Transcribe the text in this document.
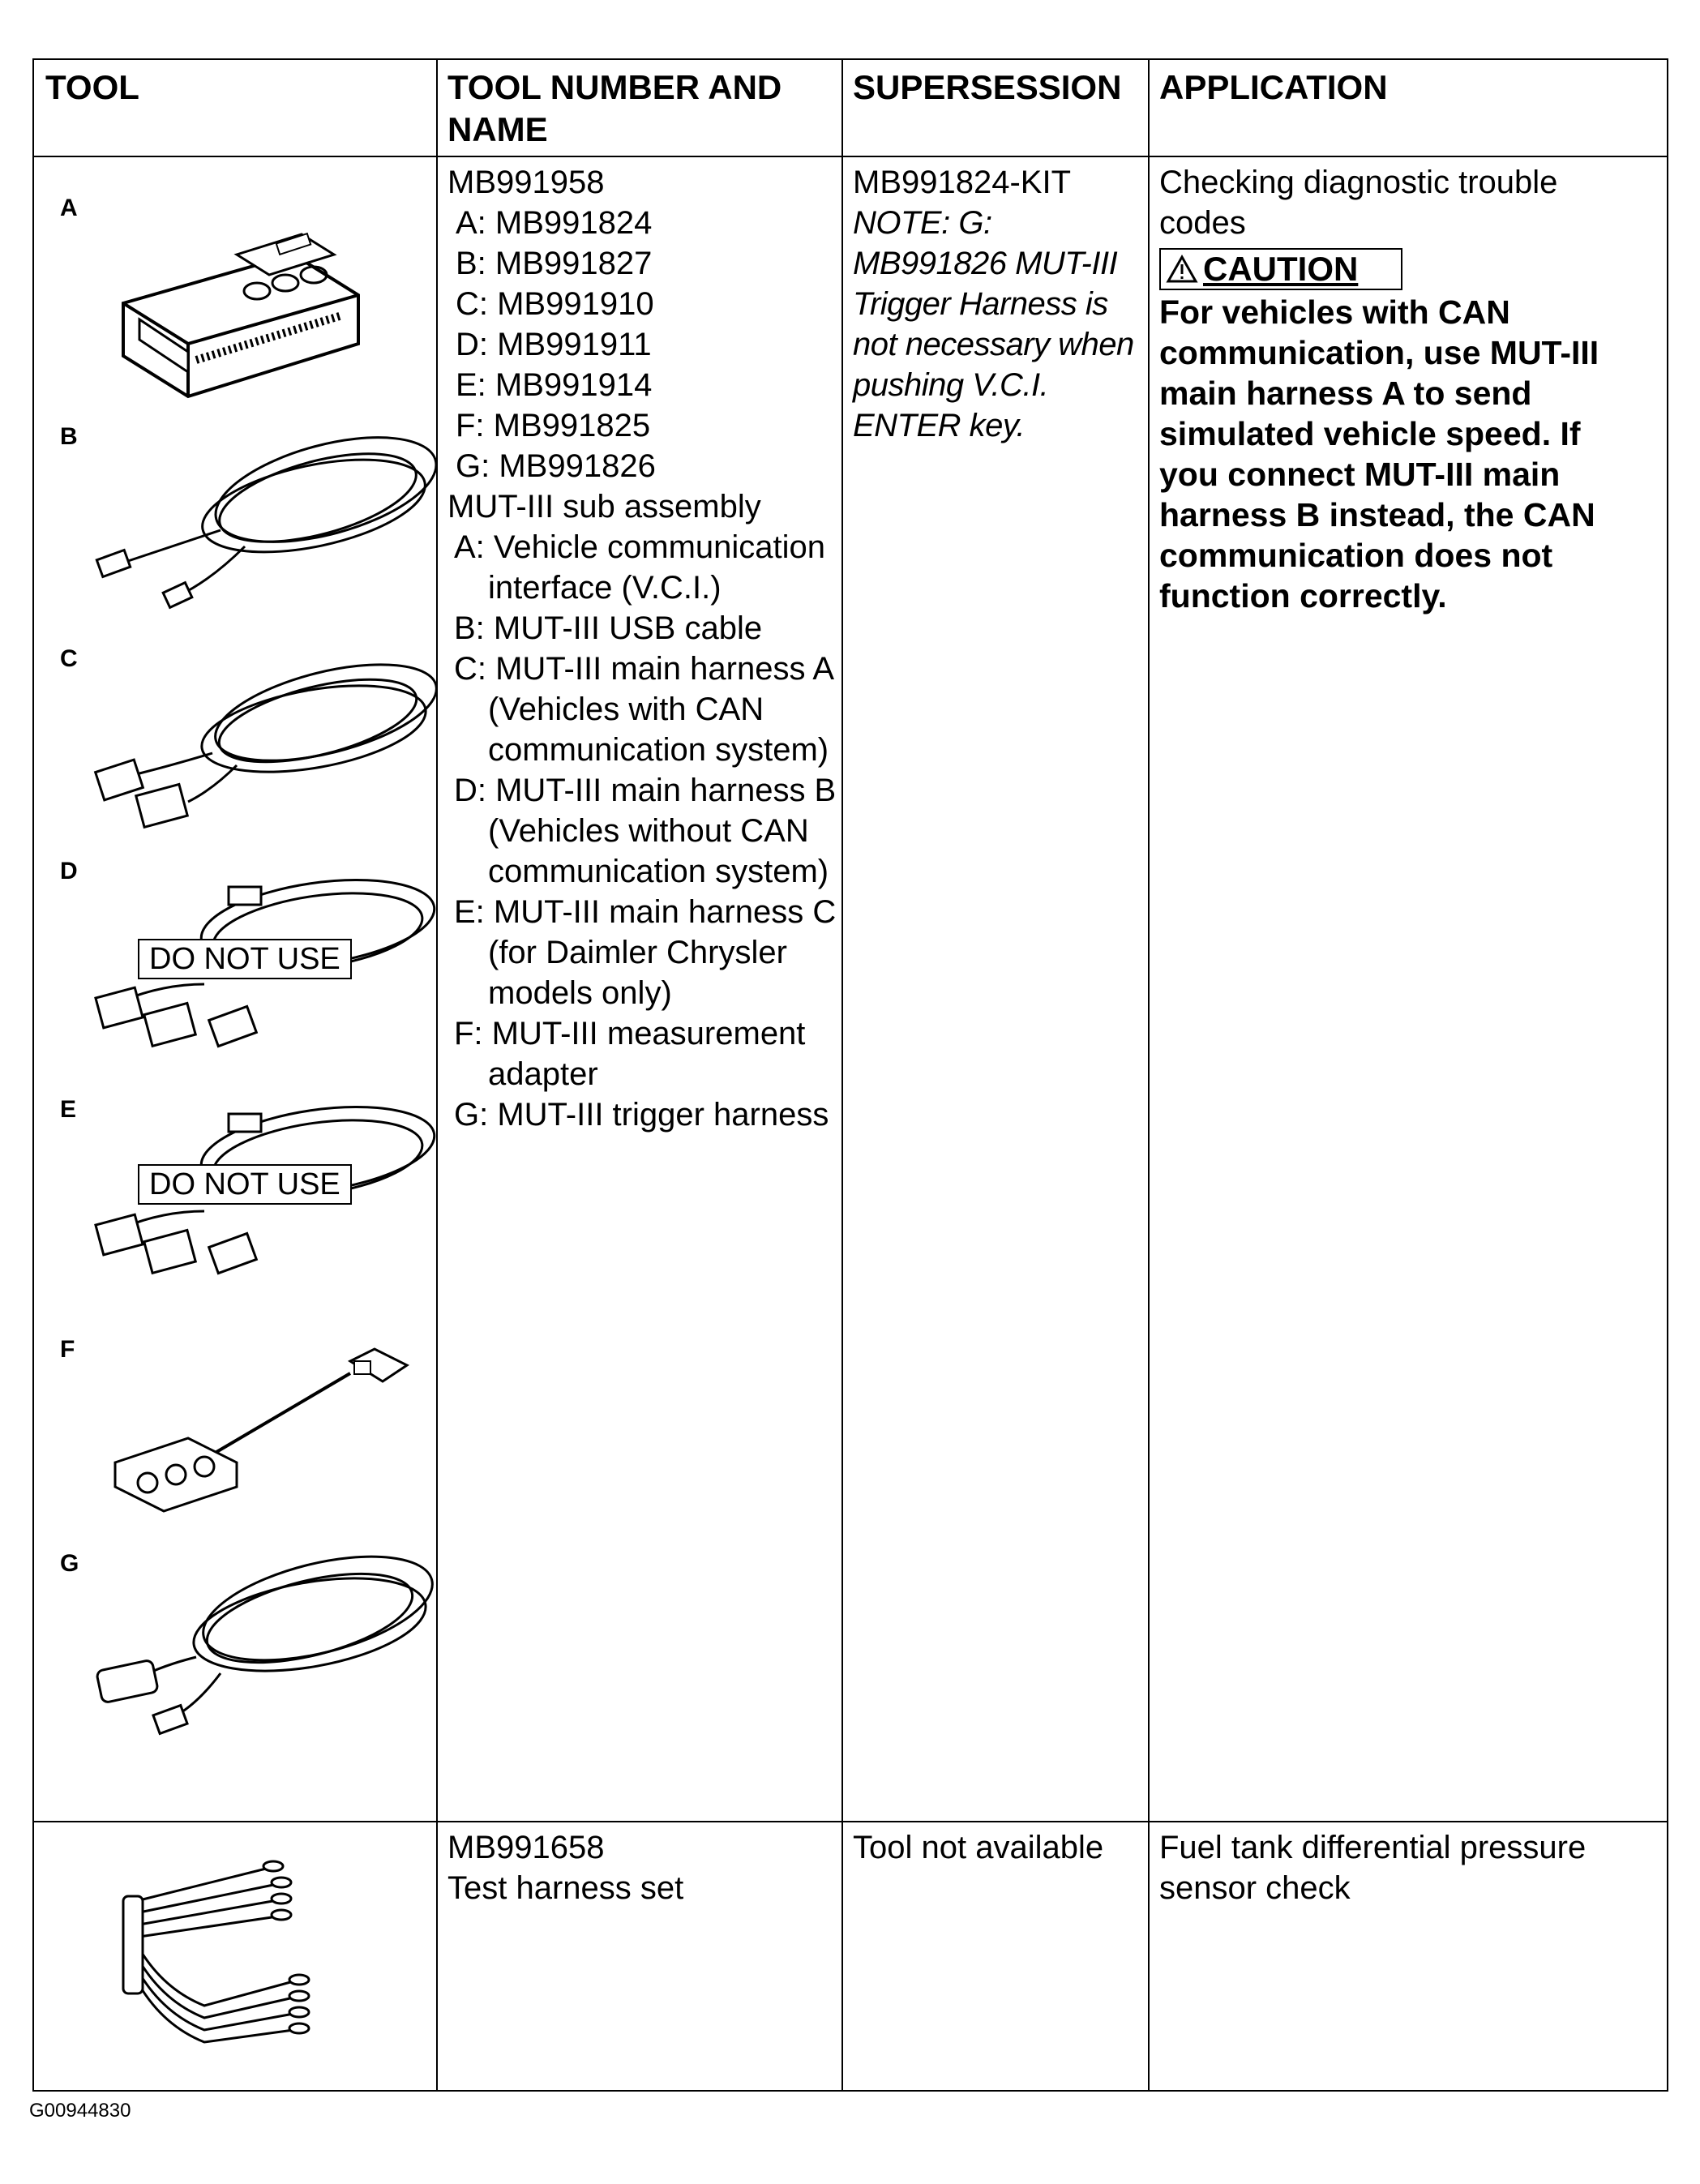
TOOL	TOOL NUMBER AND NAME
SUPERSESSION APPLICATION
A
B
C
D
DO NOT USE
E
DO NOT USE
F
G
MB991958
A: MB991824
B: MB991827
C: MB991910
D: MB991911
E: MB991914
F: MB991825
G: MB991826
MUT-III sub assembly
A: Vehicle communication interface (V.C.I.)
B: MUT-III USB cable
C: MUT-III main harness A (Vehicles with CAN communication system)
D: MUT-III main harness B (Vehicles without CAN communication system)
E: MUT-III main harness C (for Daimler Chrysler models only)
F: MUT-III measurement adapter
G: MUT-III trigger harness
MB991824-KIT
NOTE: G: MB991826 MUT-III Trigger Harness is not necessary when pushing V.C.I. ENTER key.
Checking diagnostic trouble codes
CAUTION
For vehicles with CAN communication, use MUT-III main harness A to send simulated vehicle speed. If you connect MUT-III main harness B instead, the CAN communication does not function correctly.
MB991658
Test harness set
Tool not available	Fuel tank differential pressure sensor check
G00944830
